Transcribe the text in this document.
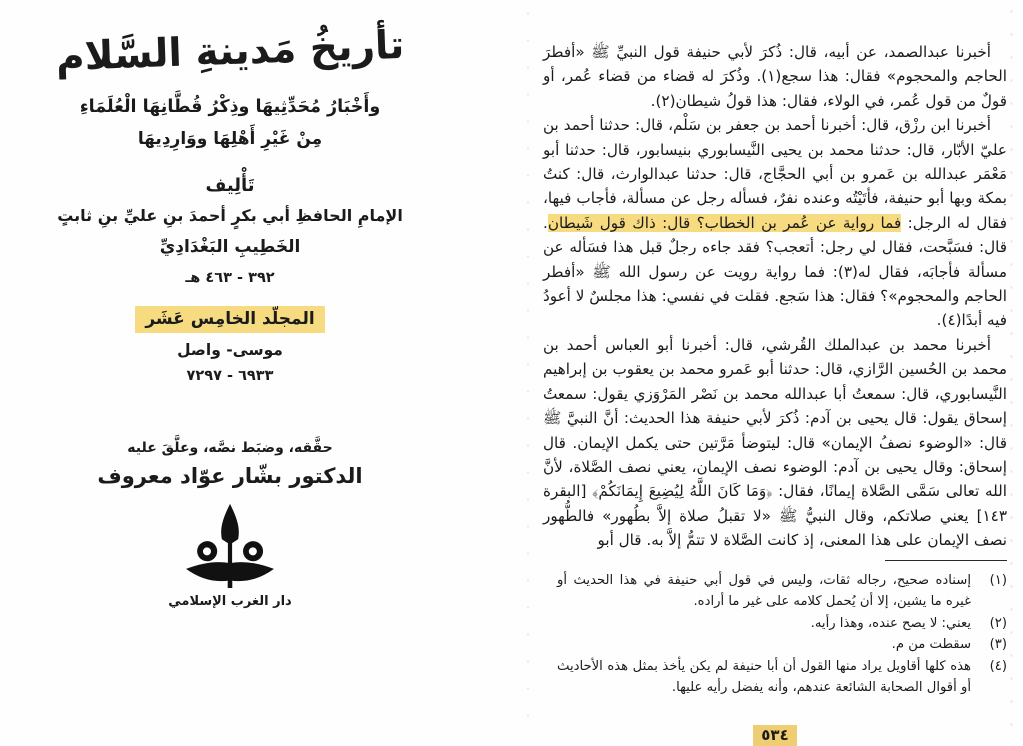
تأريخُ مَدينةِ السَّلام
وأَخْبَارُ مُحَدِّثِيهَا وذِكْرُ قُطَّانِهَا الْعُلَمَاءِ
مِنْ غَيْرِ أَهْلِهَا ووَارِدِيهَا
تَأْلِيف
الإمامِ الحافظِ أبي بكرٍ أحمدَ بنِ عليِّ بنِ ثابتٍ
الخَطِيبِ البَغْدَادِيِّ
٣٩٢ - ٤٦٣ هـ
المجلّد الخامِس عَشَر
موسى- واصل
٦٩٣٣ - ٧٢٩٧
حقَّقه، وضبَط نصَّه، وعلَّقَ عليه
الدكتور بشّار عوّاد معروف
دار الغرب الإسلامي

أخبرنا عبدالصمد، عن أبيه، قال: ذُكرَ لأبي حنيفة قول النبيِّ ﷺ «أفطرَ الحاجم والمحجوم» فقال: هذا سجع(١). وذُكرَ له قضاء من قضاء عُمر، أو قولٌ من قول عُمر، في الولاء، فقال: هذا قولُ شيطان(٢).

أخبرنا ابن رزْق، قال: أخبرنا أحمد بن جعفر بن سَلْم، قال: حدثنا أحمد بن عليّ الأبّار، قال: حدثنا محمد بن يحيى النَّيسابوري بنيسابور، قال: حدثنا أبو مَعْمَر عبدالله بن عَمرو بن أبي الحجَّاج، قال: حدثنا عبدالوارث، قال: كنتُ بمكة وبها أبو حنيفة، فأتَيْتُه وعنده نفرٌ، فسأله رجل عن مسألة، فأجاب فيها، فقال له الرجل: فما رواية عن عُمر بن الخطاب؟ قال: ذاك قول شَيطان. قال: فسَبَّحت، فقال لي رجل: أتعجب؟ فقد جاءه رجلٌ قبل هذا فسَأله عن مسألة فأجابَه، فقال له(٣): فما رواية رويت عن رسول الله ﷺ «أفطر الحاجم والمحجوم»؟ فقال: هذا سَجع. فقلت في نفسي: هذا مجلسٌ لا أعودُ فيه أبدًا(٤).

أخبرنا محمد بن عبدالملك القُرشي، قال: أخبرنا أبو العباس أحمد بن محمد بن الحُسين الرَّازي، قال: حدثنا أبو عَمرو محمد بن يعقوب بن إبراهيم النَّيسابوري، قال: سمعتُ أبا عبدالله محمد بن نَصْر المَرْوَزي يقول: سمعتُ إسحاق يقول: قال يحيى بن آدم: ذُكرَ لأبي حنيفة هذا الحديث: أنَّ النبيَّ ﷺ قال: «الوضوء نصفُ الإيمان» قال: ليتوضأ مَرَّتين حتى يكمل الإيمان. قال إسحاق: وقال يحيى بن آدم: الوضوء نصف الإيمان، يعني نصف الصَّلاة، لأنَّ الله تعالى سَمَّى الصَّلاة إيمانًا، فقال: ﴿وَمَا كَانَ اللَّهُ لِيُضِيعَ إِيمَانَكُمْ﴾ [البقرة ١٤٣] يعني صلاتكم، وقال النبيُّ ﷺ «لا تقبلُ صلاة إلاَّ بطُهور» فالطُّهور نصف الإيمان على هذا المعنى، إذ كانت الصَّلاة لا تتمُّ إلاَّ به. قال أبو

(١)
إسناده صحيح، رجاله ثقات، وليس في قول أبي حنيفة في هذا الحديث أو غيره ما يشين، إلا أن يُحمل كلامه على غير ما أراده.
(٢)
يعني: لا يصح عنده، وهذا رأيه.
(٣)
سقطت من م.
(٤)
هذه كلها أقاويل يراد منها القول أن أبا حنيفة لم يكن يأخذ بمثل هذه الأحاديث أو أقوال الصحابة الشائعة عندهم، وأنه يفضل رأيه عليها.
٥٣٤
